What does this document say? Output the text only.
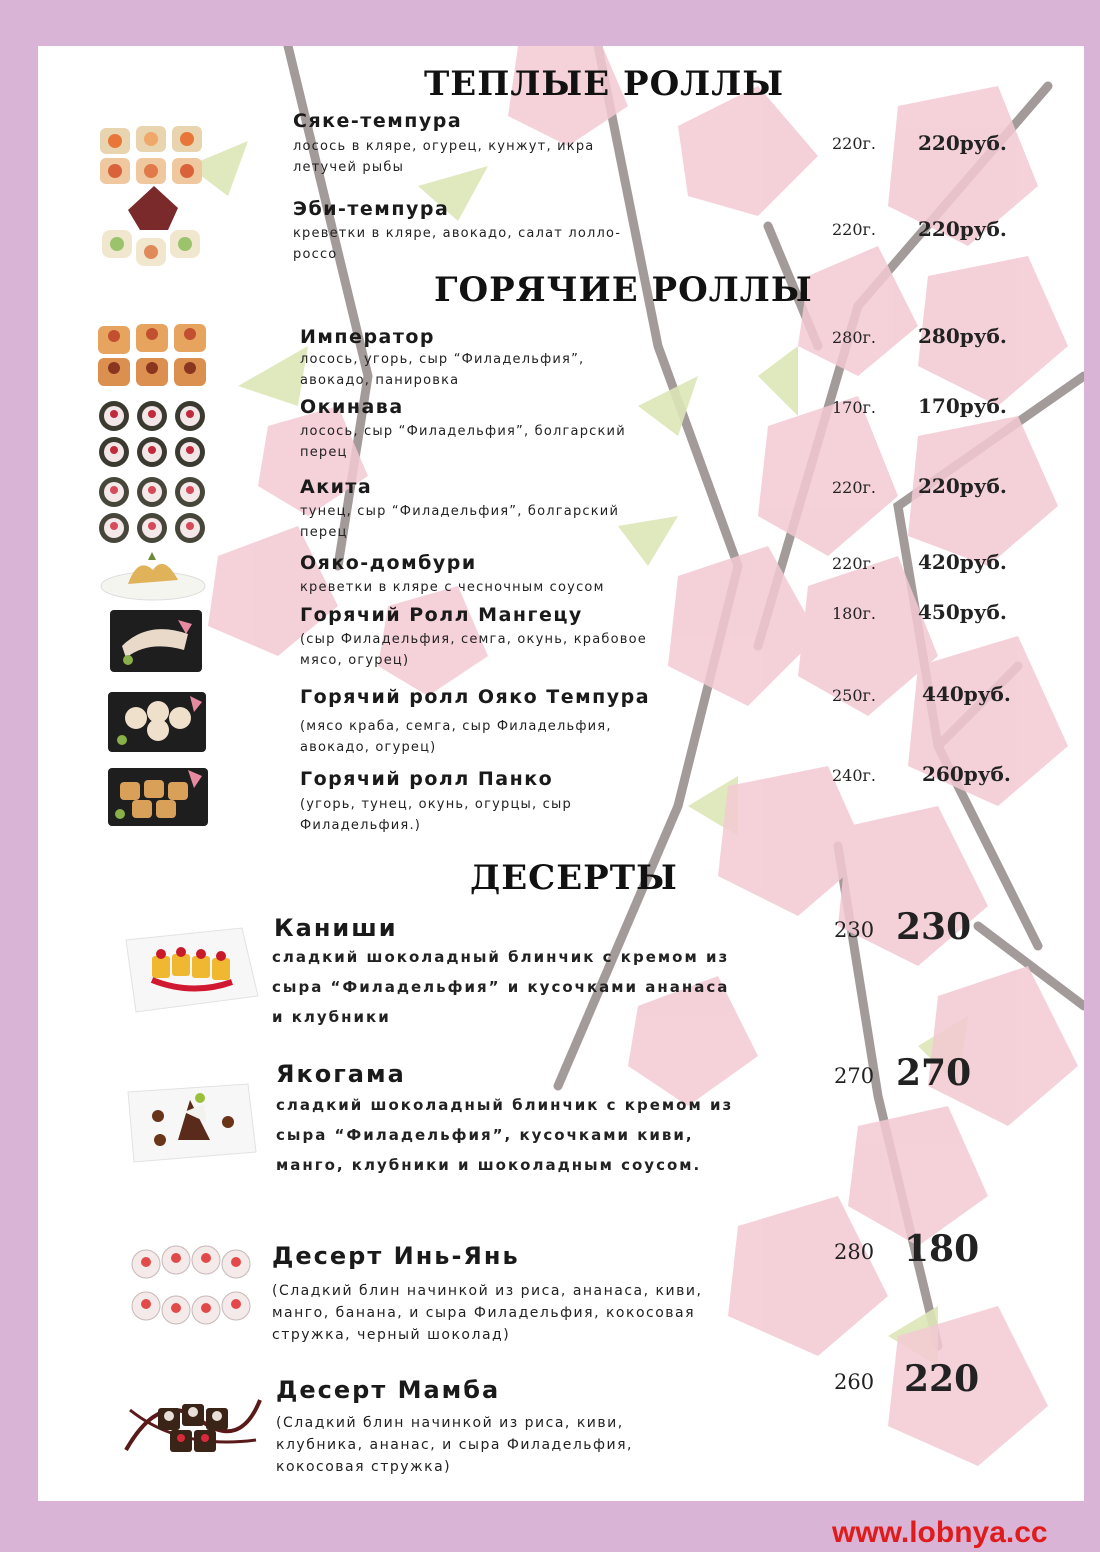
ТЕПЛЫЕ РОЛЛЫ
Сяке-темпура
лосось в кляре, огурец, кунжут, икра летучей рыбы
220г. 220руб.
Эби-темпура
креветки в кляре, авокадо, салат лолло-россо
220г. 220руб.
ГОРЯЧИЕ РОЛЛЫ
Император
лосось, угорь, сыр “Филадельфия”, авокадо, панировка
280г. 280руб.
Окинава
лосось, сыр “Филадельфия”, болгарский перец
170г. 170руб.
Акита
тунец, сыр “Филадельфия”, болгарский перец
220г. 220руб.
Ояко-домбури
креветки в кляре с чесночным соусом
220г. 420руб.
Горячий Ролл Мангецу
(сыр Филадельфия, семга, окунь, крабовое мясо, огурец)
180г. 450руб.
Горячий ролл Ояко Темпура
(мясо краба, семга, сыр Филадельфия, авокадо, огурец)
250г. 440руб.
Горячий ролл Панко
(угорь, тунец, окунь, огурцы, сыр Филадельфия.)
240г. 260руб.
ДЕСЕРТЫ
Каниши
сладкий шоколадный блинчик с кремом из сыра “Филадельфия” и кусочками ананаса и клубники
230 230
Якогама
сладкий шоколадный блинчик с кремом из сыра “Филадельфия”, кусочками киви, манго, клубники и шоколадным соусом.
270 270
Десерт Инь-Янь
(Сладкий блин начинкой из риса, ананаса, киви, манго, банана, и сыра Филадельфия, кокосовая стружка, черный шоколад)
280 180
Десерт Мамба
(Сладкий блин начинкой из риса, киви, клубника, ананас, и сыра Филадельфия, кокосовая стружка)
260 220
www.lobnya.cc
